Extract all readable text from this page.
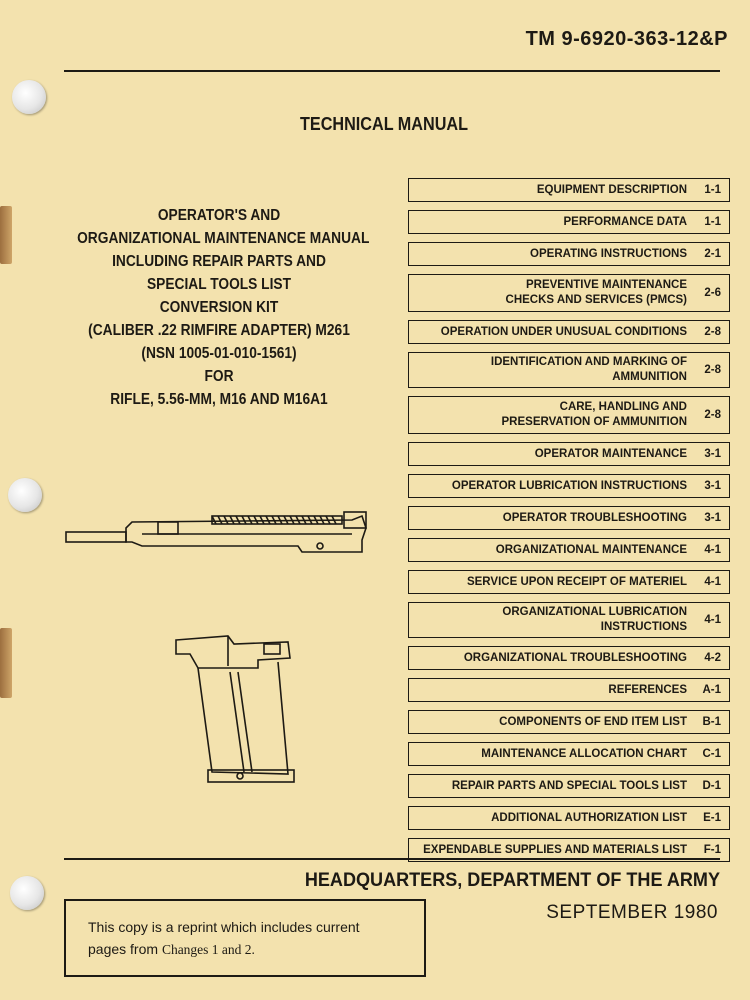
TM 9-6920-363-12&P
TECHNICAL MANUAL
OPERATOR'S AND
ORGANIZATIONAL MAINTENANCE MANUAL
INCLUDING REPAIR PARTS AND
SPECIAL TOOLS LIST
CONVERSION KIT
(CALIBER .22 RIMFIRE ADAPTER) M261
(NSN 1005-01-010-1561)
FOR
RIFLE, 5.56-MM, M16 AND M16A1
EQUIPMENT DESCRIPTION	1-1
PERFORMANCE DATA	1-1
OPERATING INSTRUCTIONS	2-1
PREVENTIVE MAINTENANCE
CHECKS AND SERVICES (PMCS)
2-6
OPERATION UNDER UNUSUAL CONDITIONS	2-8
IDENTIFICATION AND MARKING OF AMMUNITION
2-8
CARE, HANDLING AND
PRESERVATION OF AMMUNITION
2-8
OPERATOR MAINTENANCE	3-1
OPERATOR LUBRICATION INSTRUCTIONS	3-1
OPERATOR TROUBLESHOOTING	3-1
ORGANIZATIONAL MAINTENANCE	4-1
SERVICE UPON RECEIPT OF MATERIEL	4-1
ORGANIZATIONAL LUBRICATION INSTRUCTIONS
4-1
ORGANIZATIONAL TROUBLESHOOTING	4-2
REFERENCES	A-1
COMPONENTS OF END ITEM LIST	B-1
MAINTENANCE ALLOCATION CHART	C-1
REPAIR PARTS AND SPECIAL TOOLS LIST	D-1
ADDITIONAL AUTHORIZATION LIST	E-1
EXPENDABLE SUPPLIES AND MATERIALS LIST	F-1
HEADQUARTERS, DEPARTMENT OF THE ARMY
SEPTEMBER 1980
This copy is a reprint which includes current
pages from Changes 1 and 2.
